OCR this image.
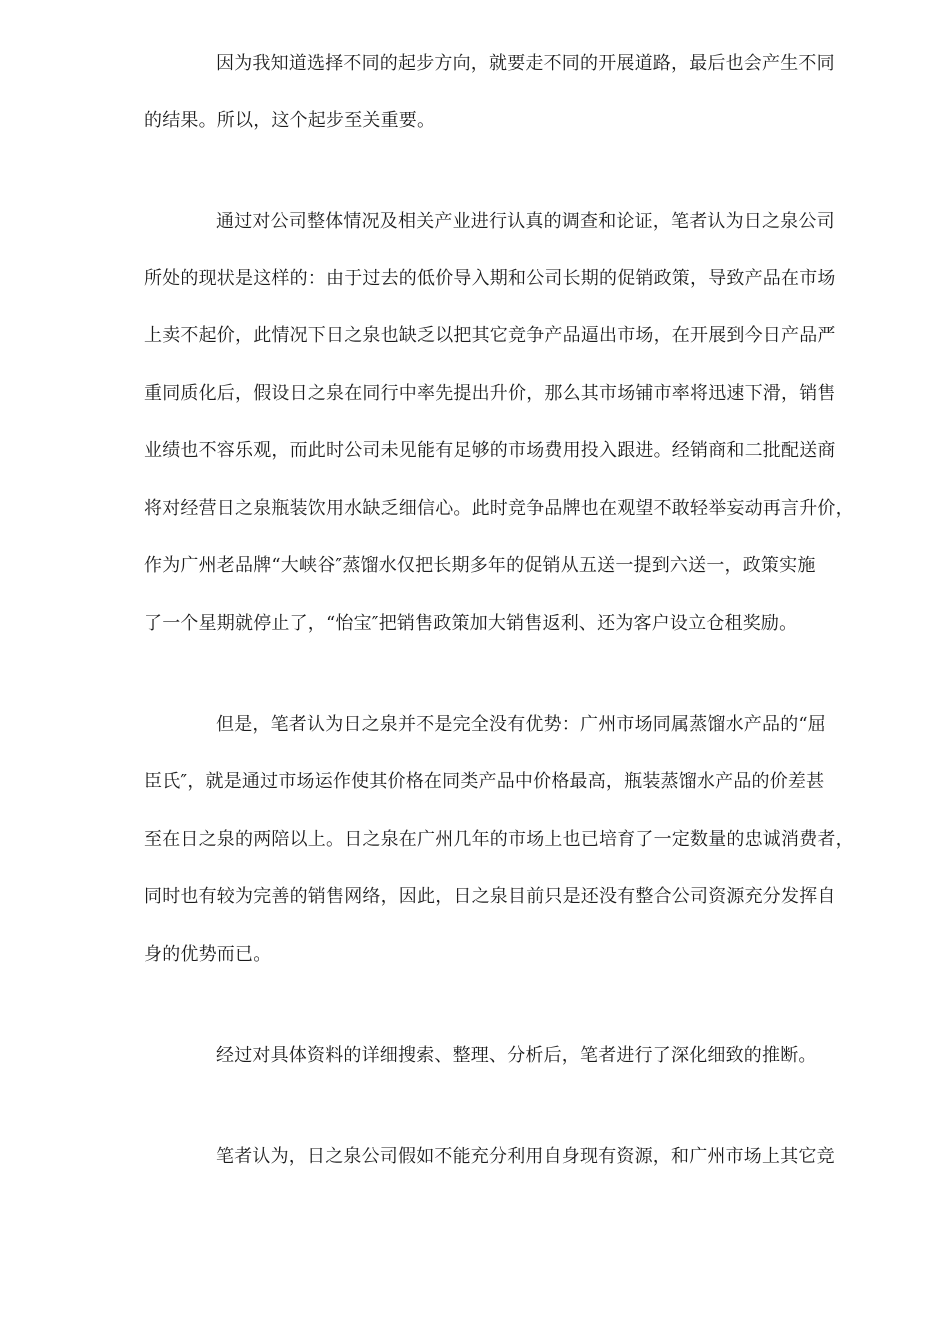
因为我知道选择不同的起步方向，就要走不同的开展道路，最后也会产生不同
的结果。所以，这个起步至关重要。
通过对公司整体情况及相关产业进行认真的调查和论证，笔者认为日之泉公司
所处的现状是这样的：由于过去的低价导入期和公司长期的促销政策，导致产品在市场
上卖不起价，此情况下日之泉也缺乏以把其它竞争产品逼出市场，在开展到今日产品严
重同质化后，假设日之泉在同行中率先提出升价，那么其市场铺市率将迅速下滑，销售
业绩也不容乐观，而此时公司未见能有足够的市场费用投入跟进。经销商和二批配送商
将对经营日之泉瓶装饮用水缺乏细信心。此时竞争品牌也在观望不敢轻举妄动再言升价，
作为广州老品牌“大峡谷″蒸馏水仅把长期多年的促销从五送一提到六送一，政策实施
了一个星期就停止了，“怡宝″把销售政策加大销售返利、还为客户设立仓租奖励。
但是，笔者认为日之泉并不是完全没有优势：广州市场同属蒸馏水产品的“屈
臣氏″，就是通过市场运作使其价格在同类产品中价格最高，瓶装蒸馏水产品的价差甚
至在日之泉的两陪以上。日之泉在广州几年的市场上也已培育了一定数量的忠诚消费者，
同时也有较为完善的销售网络，因此，日之泉目前只是还没有整合公司资源充分发挥自
身的优势而已。
经过对具体资料的详细搜索、整理、分析后，笔者进行了深化细致的推断。
笔者认为，日之泉公司假如不能充分利用自身现有资源，和广州市场上其它竞
